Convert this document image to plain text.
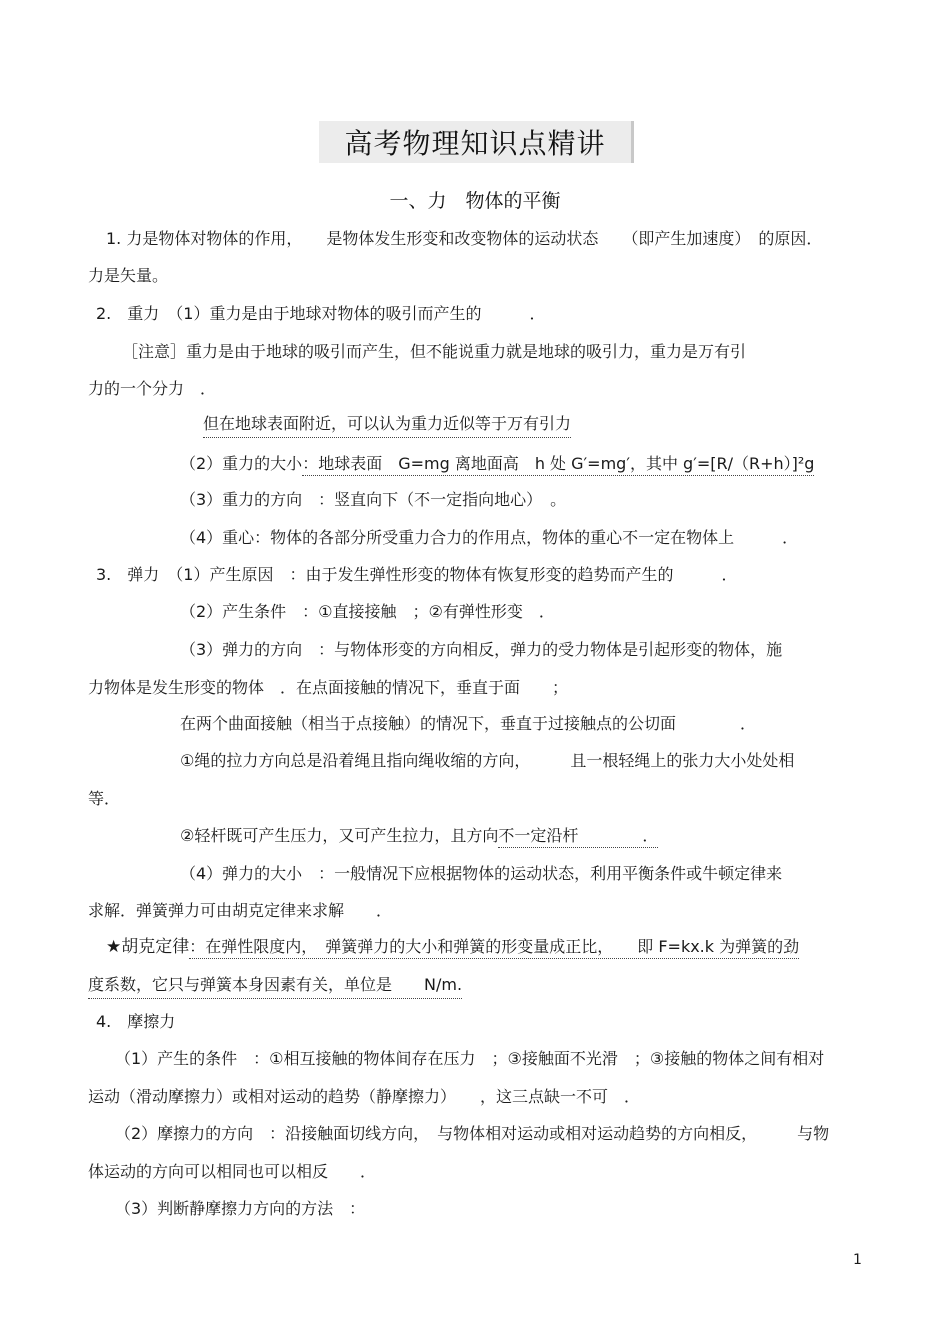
高考物理知识点精讲
一、力　物体的平衡
1. 力是物体对物体的作用，　　是物体发生形变和改变物体的运动状态　　（即产生加速度）　的原因．
力是矢量。
2.　重力　（1）重力是由于地球对物体的吸引而产生的　　　．
［注意］重力是由于地球的吸引而产生，但不能说重力就是地球的吸引力，重力是万有引
力的一个分力　．
但在地球表面附近，可以认为重力近似等于万有引力
（2）重力的大小：地球表面　G=mg 离地面高　h 处 G′=mg′，其中 g′=[R/（R+h）]²g
（3）重力的方向　：竖直向下（不一定指向地心）　。
（4）重心：物体的各部分所受重力合力的作用点，物体的重心不一定在物体上　　　．
3.　弹力　（1）产生原因　：由于发生弹性形变的物体有恢复形变的趋势而产生的　　　．
（2）产生条件　：①直接接触　；②有弹性形变　．
（3）弹力的方向　：与物体形变的方向相反，弹力的受力物体是引起形变的物体，施
力物体是发生形变的物体　．在点面接触的情况下，垂直于面　　；
在两个曲面接触（相当于点接触）的情况下，垂直于过接触点的公切面　　　　．
①绳的拉力方向总是沿着绳且指向绳收缩的方向，　　　且一根轻绳上的张力大小处处相
等．
②轻杆既可产生压力，又可产生拉力，且方向不一定沿杆　　　　．
（4）弹力的大小　：一般情况下应根据物体的运动状态，利用平衡条件或牛顿定律来
求解．弹簧弹力可由胡克定律来求解　　．
★胡克定律：在弹性限度内，　弹簧弹力的大小和弹簧的形变量成正比，　　即 F=kx.k 为弹簧的劲
度系数，它只与弹簧本身因素有关，单位是　　N/m.
4.　摩擦力
（1）产生的条件　：①相互接触的物体间存在压力　；③接触面不光滑　；③接触的物体之间有相对
运动（滑动摩擦力）或相对运动的趋势（静摩擦力）　　，这三点缺一不可　．
（2）摩擦力的方向　：沿接触面切线方向，　与物体相对运动或相对运动趋势的方向相反，　　　与物
体运动的方向可以相同也可以相反　　．
（3）判断静摩擦力方向的方法　：
1
